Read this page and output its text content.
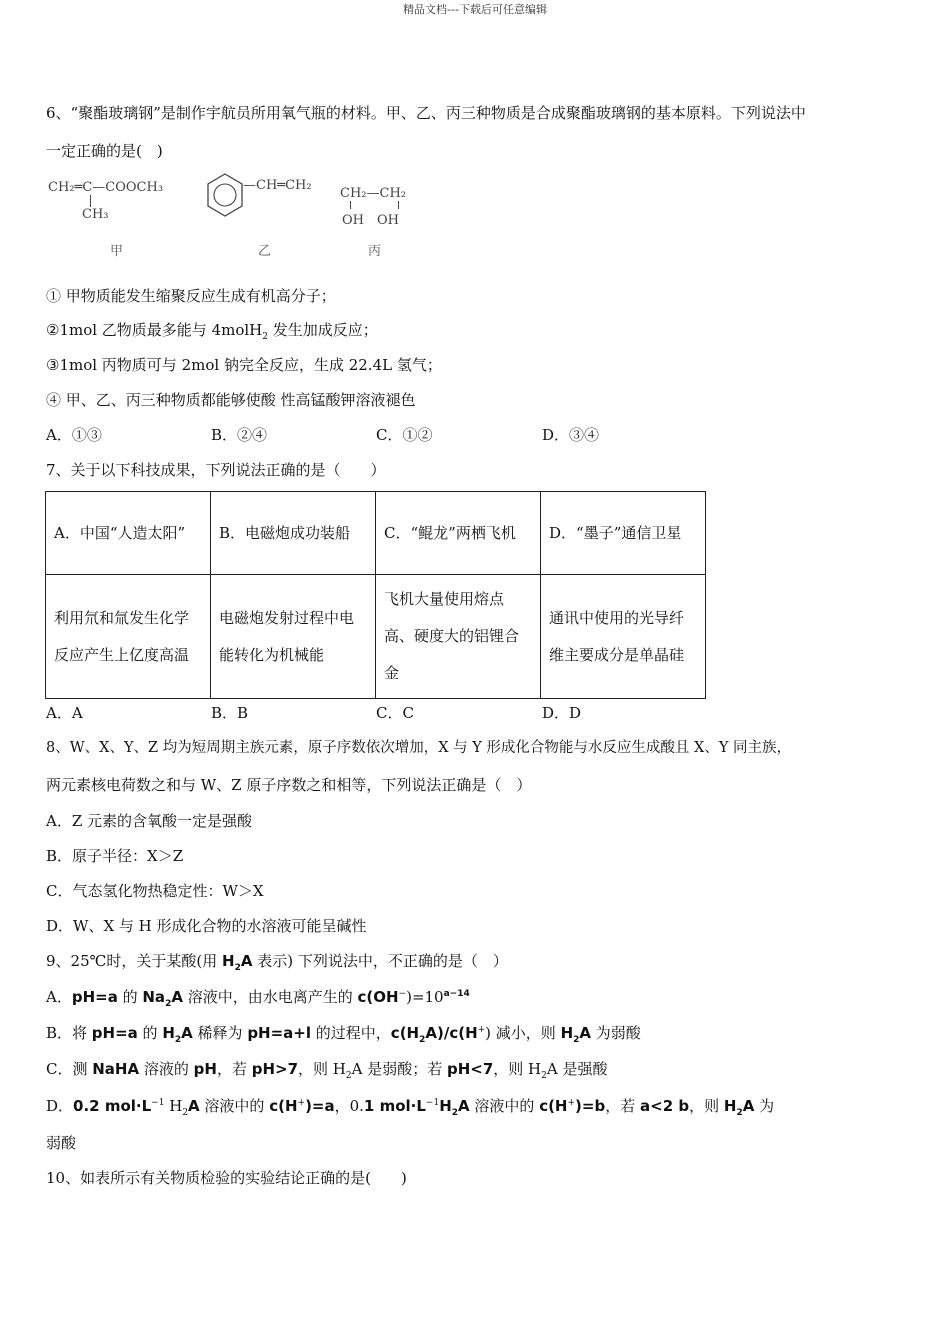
精品文档---下载后可任意编辑
6、“聚酯玻璃钢”是制作宇航员所用氧气瓶的材料。甲、乙、丙三种物质是合成聚酯玻璃钢的基本原料。下列说法中
一定正确的是(　)
CH₂═C—COOCH₃
CH₃
—CH═CH₂
CH₂—CH₂
OH　OH
甲	乙	丙
① 甲物质能发生缩聚反应生成有机高分子；
②1mol 乙物质最多能与 4molH$_2$ 发生加成反应；
③1mol 丙物质可与 2mol 钠完全反应，生成 22.4L 氢气；
④ 甲、乙、丙三种物质都能够使酸 性高锰酸钾溶液褪色
A．①③	B．②④	C．①②	D．③④
7、关于以下科技成果，下列说法正确的是（　　）
A．中国“人造太阳”	B．电磁炮成功装船	C．“鲲龙”两栖飞机	D．“墨子”通信卫星
利用氘和氚发生化学反应产生上亿度高温	电磁炮发射过程中电能转化为机械能	飞机大量使用熔点高、硬度大的铝锂合金	通讯中使用的光导纤维主要成分是单晶硅
A．A	B．B	C．C	D．D
8、W、X、Y、Z 均为短周期主族元素，原子序数依次增加，X 与 Y 形成化合物能与水反应生成酸且 X、Y 同主族，
两元素核电荷数之和与 W、Z 原子序数之和相等，下列说法正确是（　）
A．Z 元素的含氧酸一定是强酸
B．原子半径：X＞Z
C．气态氢化物热稳定性：W＞X
D．W、X 与 H 形成化合物的水溶液可能呈碱性
9、25℃时，关于某酸(用 $H_2A$ 表示) 下列说法中，不正确的是（　）
A．pH=a 的 $Na_2A$ 溶液中，由水电离产生的 $c(OH^-)=10^{a-14}$
B．将 pH=a 的 $H_2A$ 稀释为 pH=a+l 的过程中，$c(H_2A)/c(H^+)$ 减小，则 $H_2A$ 为弱酸
C．测 NaHA 溶液的 pH，若 pH>7，则 $H_2A$ 是弱酸；若 pH<7，则 $H_2A$ 是强酸
D．0.2 $mol\cdot L^{-1}$ $H_2A$ 溶液中的 c(H+)=a，0.1 $mol\cdot L^{-1}H_2A$ 溶液中的 c(H+)=b，若 a<2 b，则 $H_2A$ 为
弱酸
10、如表所示有关物质检验的实验结论正确的是(　　)
